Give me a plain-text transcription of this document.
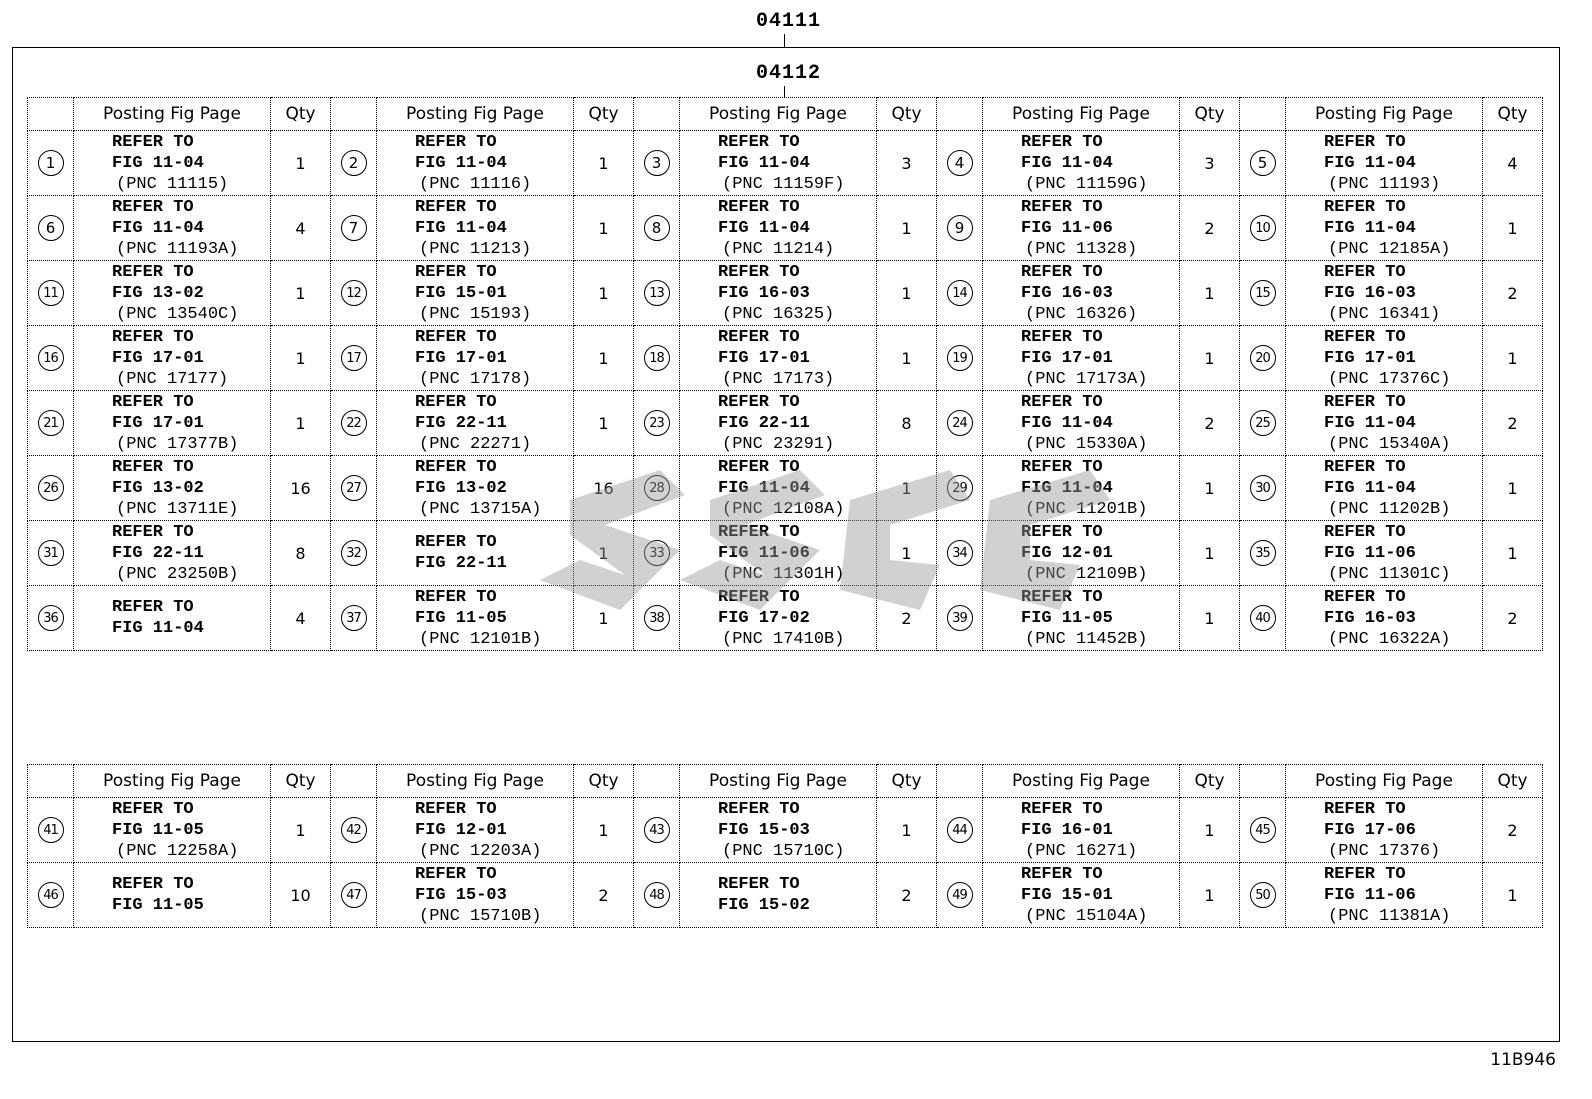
04111
04112
	Posting Fig Page	Qty		Posting Fig Page	Qty		Posting Fig Page	Qty		Posting Fig Page	Qty		Posting Fig Page	Qty
1	REFER TO
FIG 11-04
(PNC 11115)	1	2	REFER TO
FIG 11-04
(PNC 11116)	1	3	REFER TO
FIG 11-04
(PNC 11159F)	3	4	REFER TO
FIG 11-04
(PNC 11159G)	3	5	REFER TO
FIG 11-04
(PNC 11193)	4
6	REFER TO
FIG 11-04
(PNC 11193A)	4	7	REFER TO
FIG 11-04
(PNC 11213)	1	8	REFER TO
FIG 11-04
(PNC 11214)	1	9	REFER TO
FIG 11-06
(PNC 11328)	2	10	REFER TO
FIG 11-04
(PNC 12185A)	1
11	REFER TO
FIG 13-02
(PNC 13540C)	1	12	REFER TO
FIG 15-01
(PNC 15193)	1	13	REFER TO
FIG 16-03
(PNC 16325)	1	14	REFER TO
FIG 16-03
(PNC 16326)	1	15	REFER TO
FIG 16-03
(PNC 16341)	2
16	REFER TO
FIG 17-01
(PNC 17177)	1	17	REFER TO
FIG 17-01
(PNC 17178)	1	18	REFER TO
FIG 17-01
(PNC 17173)	1	19	REFER TO
FIG 17-01
(PNC 17173A)	1	20	REFER TO
FIG 17-01
(PNC 17376C)	1
21	REFER TO
FIG 17-01
(PNC 17377B)	1	22	REFER TO
FIG 22-11
(PNC 22271)	1	23	REFER TO
FIG 22-11
(PNC 23291)	8	24	REFER TO
FIG 11-04
(PNC 15330A)	2	25	REFER TO
FIG 11-04
(PNC 15340A)	2
26	REFER TO
FIG 13-02
(PNC 13711E)	16	27	REFER TO
FIG 13-02
(PNC 13715A)	16	28	REFER TO
FIG 11-04
(PNC 12108A)	1	29	REFER TO
FIG 11-04
(PNC 11201B)	1	30	REFER TO
FIG 11-04
(PNC 11202B)	1
31	REFER TO
FIG 22-11
(PNC 23250B)	8	32	REFER TO
FIG 22-11	1	33	REFER TO
FIG 11-06
(PNC 11301H)	1	34	REFER TO
FIG 12-01
(PNC 12109B)	1	35	REFER TO
FIG 11-06
(PNC 11301C)	1
36	REFER TO
FIG 11-04	4	37	REFER TO
FIG 11-05
(PNC 12101B)	1	38	REFER TO
FIG 17-02
(PNC 17410B)	2	39	REFER TO
FIG 11-05
(PNC 11452B)	1	40	REFER TO
FIG 16-03
(PNC 16322A)	2
	Posting Fig Page	Qty		Posting Fig Page	Qty		Posting Fig Page	Qty		Posting Fig Page	Qty		Posting Fig Page	Qty
41	REFER TO
FIG 11-05
(PNC 12258A)	1	42	REFER TO
FIG 12-01
(PNC 12203A)	1	43	REFER TO
FIG 15-03
(PNC 15710C)	1	44	REFER TO
FIG 16-01
(PNC 16271)	1	45	REFER TO
FIG 17-06
(PNC 17376)	2
46	REFER TO
FIG 11-05	10	47	REFER TO
FIG 15-03
(PNC 15710B)	2	48	REFER TO
FIG 15-02	2	49	REFER TO
FIG 15-01
(PNC 15104A)	1	50	REFER TO
FIG 11-06
(PNC 11381A)	1
11B946
